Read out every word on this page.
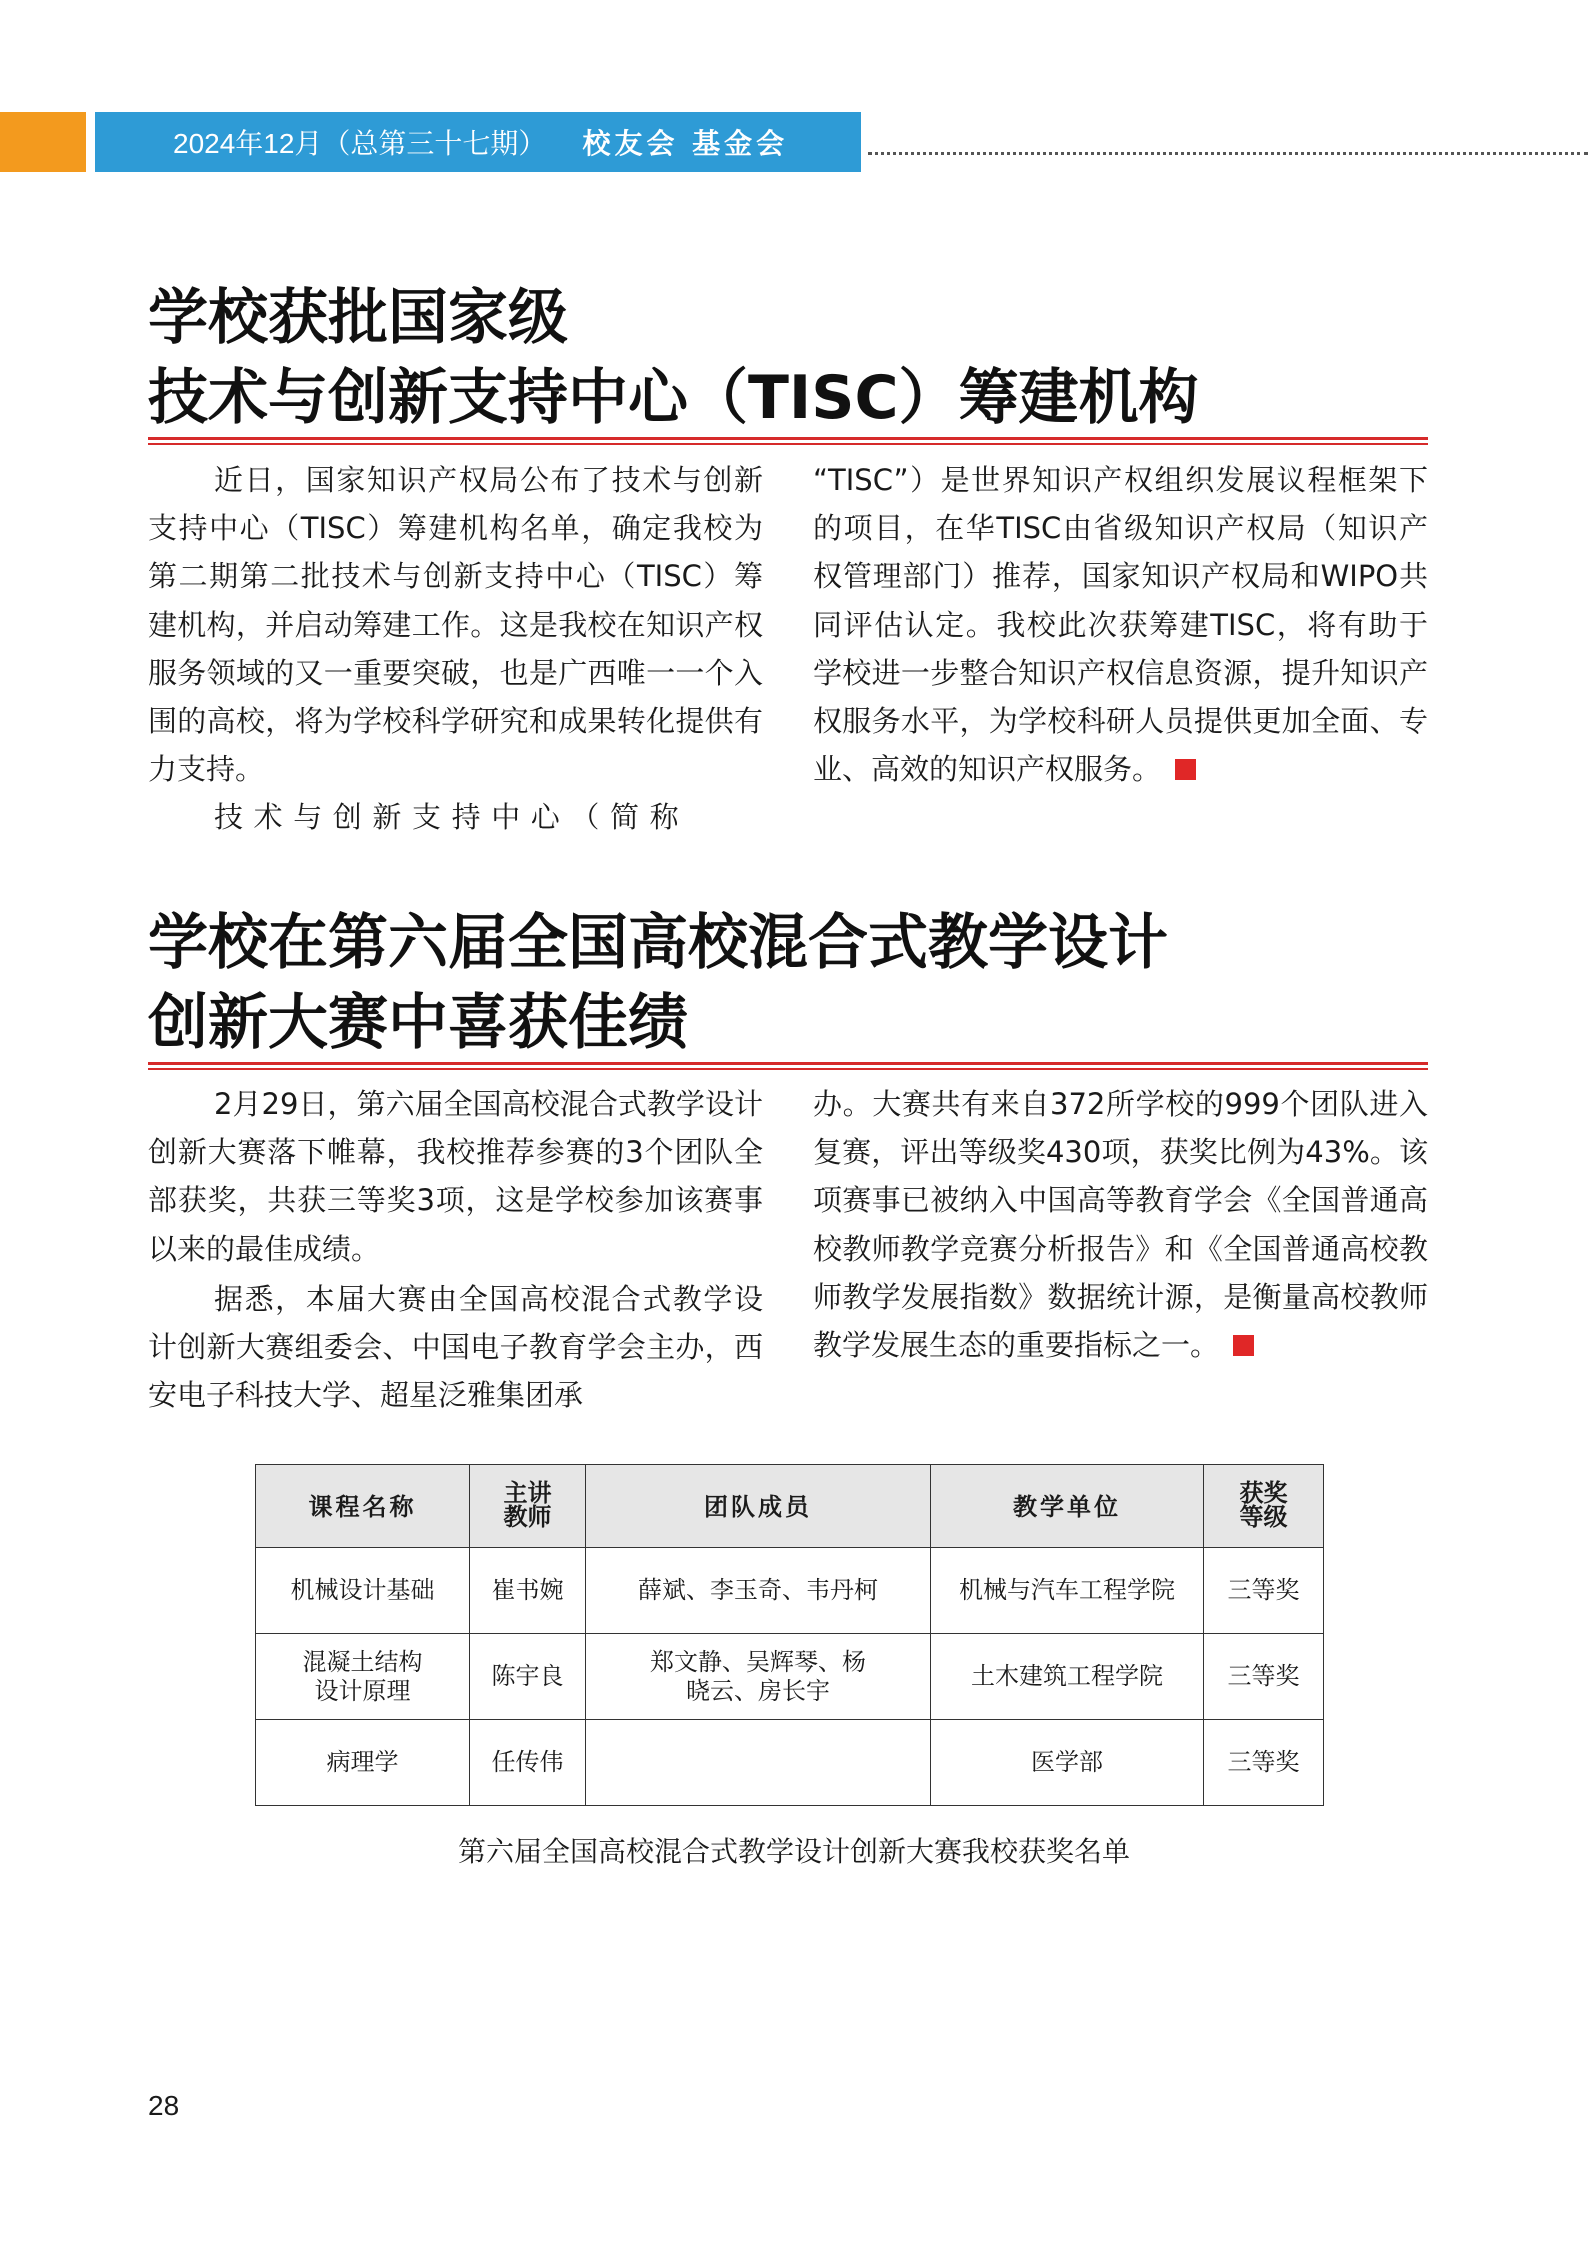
2024年12月（总第三十七期） 校友会 基金会
学校获批国家级
技术与创新支持中心（TISC）筹建机构

近日，国家知识产权局公布了技术与创新支持中心（TISC）筹建机构名单，确定我校为第二期第二批技术与创新支持中心（TISC）筹建机构，并启动筹建工作。这是我校在知识产权服务领域的又一重要突破，也是广西唯一一个入围的高校，将为学校科学研究和成果转化提供有力支持。

技术与创新支持中心（简称

“TISC”）是世界知识产权组织发展议程框架下的项目，在华TISC由省级知识产权局（知识产权管理部门）推荐，国家知识产权局和WIPO共同评估认定。我校此次获筹建TISC，将有助于学校进一步整合知识产权信息资源，提升知识产权服务水平，为学校科研人员提供更加全面、专业、高效的知识产权服务。

学校在第六届全国高校混合式教学设计
创新大赛中喜获佳绩

2月29日，第六届全国高校混合式教学设计创新大赛落下帷幕，我校推荐参赛的3个团队全部获奖，共获三等奖3项，这是学校参加该赛事以来的最佳成绩。

据悉，本届大赛由全国高校混合式教学设计创新大赛组委会、中国电子教育学会主办，西安电子科技大学、超星泛雅集团承

办。大赛共有来自372所学校的999个团队进入复赛，评出等级奖430项，获奖比例为43%。该项赛事已被纳入中国高等教育学会《全国普通高校教师教学竞赛分析报告》和《全国普通高校教师教学发展指数》数据统计源，是衡量高校教师教学发展生态的重要指标之一。

课程名称	主讲教师	团队成员	教学单位	获奖等级
机械设计基础	崔书婉	薛斌、李玉奇、韦丹柯	机械与汽车工程学院	三等奖
混凝土结构设计原理	陈宇良	郑文静、吴辉琴、杨晓云、房长宇	土木建筑工程学院	三等奖
病理学	任传伟		医学部	三等奖
第六届全国高校混合式教学设计创新大赛我校获奖名单
28
